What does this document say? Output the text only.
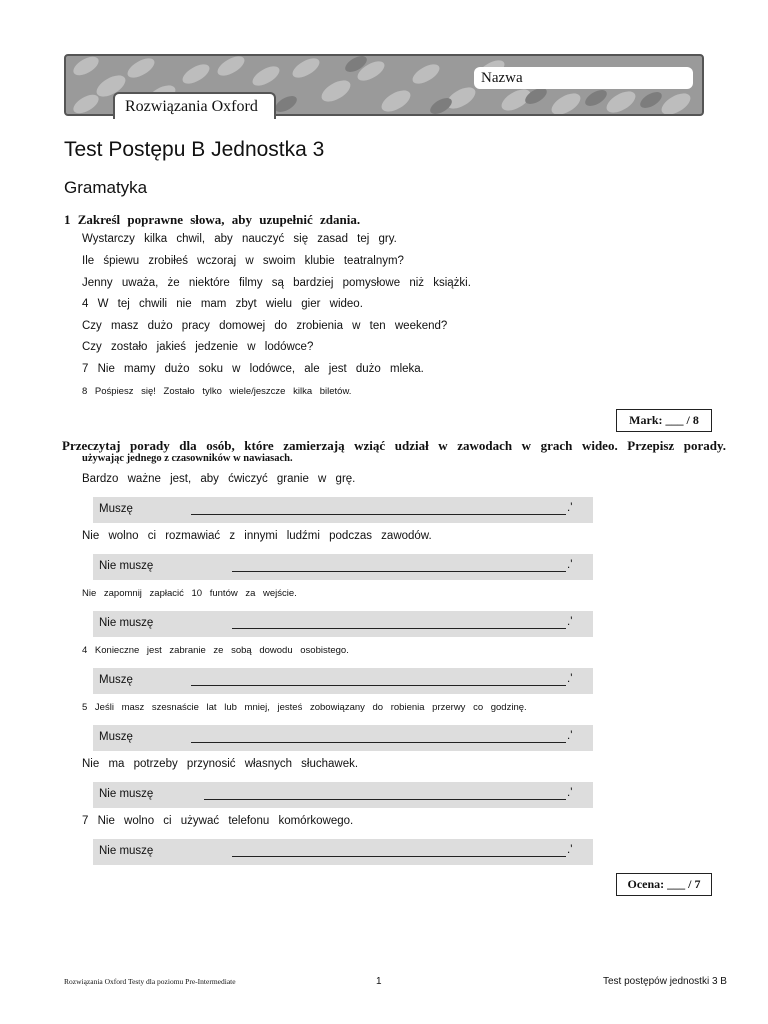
Nazwa
Rozwiązania Oxford
Test Postępu B Jednostka 3
Gramatyka
1 Zakreśl poprawne słowa, aby uzupełnić zdania.
Wystarczy kilka chwil, aby nauczyć się zasad tej gry.
Ile śpiewu zrobiłeś wczoraj w swoim klubie teatralnym?
Jenny uważa, że niektóre filmy są bardziej pomysłowe niż książki.
4 W tej chwili nie mam zbyt wielu gier wideo.
Czy masz dużo pracy domowej do zrobienia w ten weekend?
Czy zostało jakieś jedzenie w lodówce?
7 Nie mamy dużo soku w lodówce, ale jest dużo mleka.
8 Pośpiesz się! Zostało tylko wiele/jeszcze kilka biletów.
Mark: ___ / 8
Przeczytaj porady dla osób, które zamierzają wziąć udział w zawodach w grach wideo. Przepisz porady.
używając jednego z czasowników w nawiasach.
Bardzo ważne jest, aby ćwiczyć granie w grę.
Muszę	.'
Nie wolno ci rozmawiać z innymi ludźmi podczas zawodów.
Nie muszę	.'
Nie zapomnij zapłacić 10 funtów za wejście.
Nie muszę	.'
4 Konieczne jest zabranie ze sobą dowodu osobistego.
Muszę	.'
5 Jeśli masz szesnaście lat lub mniej, jesteś zobowiązany do robienia przerwy co godzinę.
Muszę	.'
Nie ma potrzeby przynosić własnych słuchawek.
Nie muszę	.'
7 Nie wolno ci używać telefonu komórkowego.
Nie muszę	.'
Ocena: ___ / 7
Rozwiązania Oxford Testy dla poziomu Pre-Intermediate	1	Test postępów jednostki 3 B
